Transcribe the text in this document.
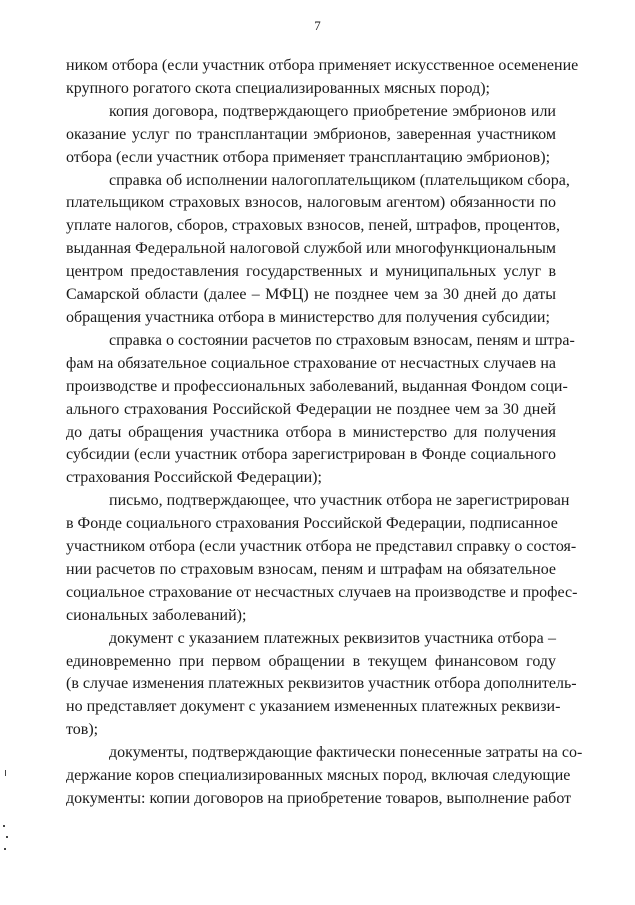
7

ником отбора (если участник отбора применяет искусственное осеменение
крупного рогатого скота специализированных мясных пород);

копия договора, подтверждающего приобретение эмбрионов или
оказание услуг по трансплантации эмбрионов, заверенная участником
отбора (если участник отбора применяет трансплантацию эмбрионов);

справка об исполнении налогоплательщиком (плательщиком сбора,
плательщиком страховых взносов, налоговым агентом) обязанности по
уплате налогов, сборов, страховых взносов, пеней, штрафов, процентов,
выданная Федеральной налоговой службой или многофункциональным
центром предоставления государственных и муниципальных услуг в
Самарской области (далее – МФЦ) не позднее чем за 30 дней до даты
обращения участника отбора в министерство для получения субсидии;

справка о состоянии расчетов по страховым взносам, пеням и штра-
фам на обязательное социальное страхование от несчастных случаев на
производстве и профессиональных заболеваний, выданная Фондом соци-
ального страхования Российской Федерации не позднее чем за 30 дней
до даты обращения участника отбора в министерство для получения
субсидии (если участник отбора зарегистрирован в Фонде социального
страхования Российской Федерации);

письмо, подтверждающее, что участник отбора не зарегистрирован
в Фонде социального страхования Российской Федерации, подписанное
участником отбора (если участник отбора не представил справку о состоя-
нии расчетов по страховым взносам, пеням и штрафам на обязательное
социальное страхование от несчастных случаев на производстве и профес-
сиональных заболеваний);

документ с указанием платежных реквизитов участника отбора –
единовременно при первом обращении в текущем финансовом году
(в случае изменения платежных реквизитов участник отбора дополнитель-
но представляет документ с указанием измененных платежных реквизи-
тов);

документы, подтверждающие фактически понесенные затраты на со-
держание коров специализированных мясных пород, включая следующие
документы: копии договоров на приобретение товаров, выполнение работ
